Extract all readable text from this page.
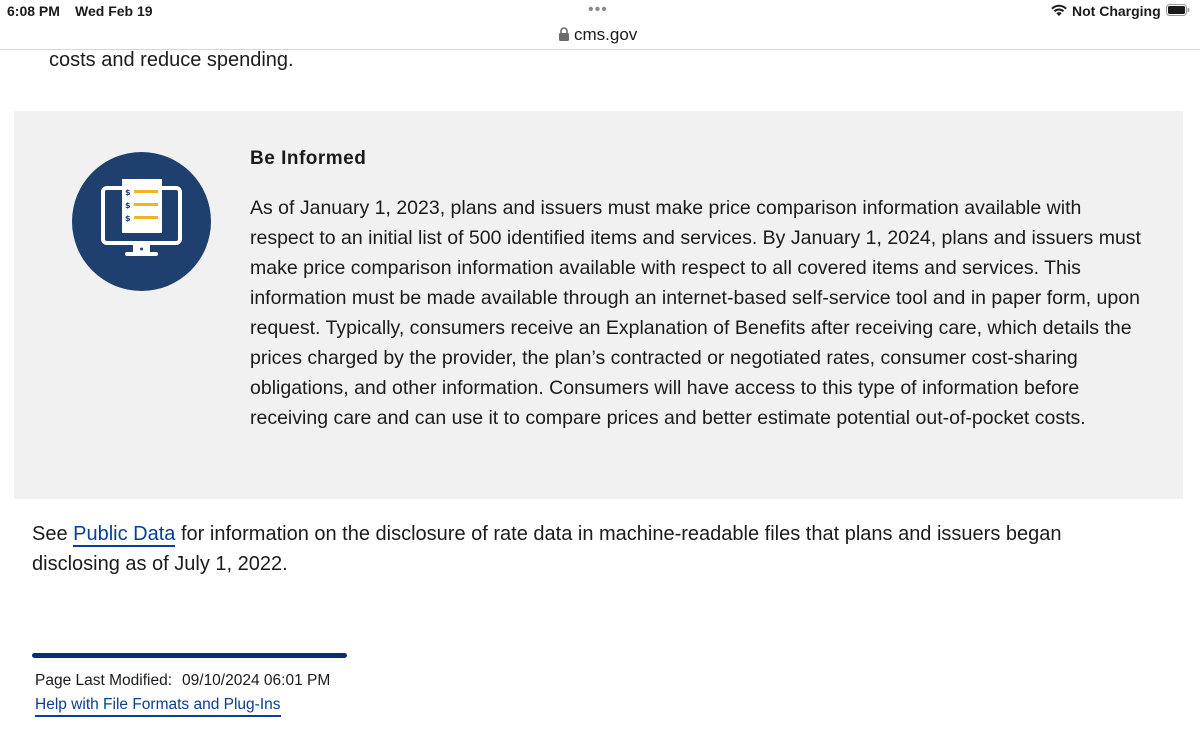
6:08 PM Wed Feb 19	•••	Not Charging
cms.gov
costs and reduce spending.
$
$
$
Be Informed
As of January 1, 2023, plans and issuers must make price comparison information available with respect to an initial list of 500 identified items and services. By January 1, 2024, plans and issuers must make price comparison information available with respect to all covered items and services. This information must be made available through an internet-based self-service tool and in paper form, upon request. Typically, consumers receive an Explanation of Benefits after receiving care, which details the prices charged by the provider, the plan’s contracted or negotiated rates, consumer cost-sharing obligations, and other information. Consumers will have access to this type of information before receiving care and can use it to compare prices and better estimate potential out-of-pocket costs.
See Public Data for information on the disclosure of rate data in machine-readable files that plans and issuers began disclosing as of July 1, 2022.
Page Last Modified: 09/10/2024 06:01 PM
Help with File Formats and Plug-Ins
